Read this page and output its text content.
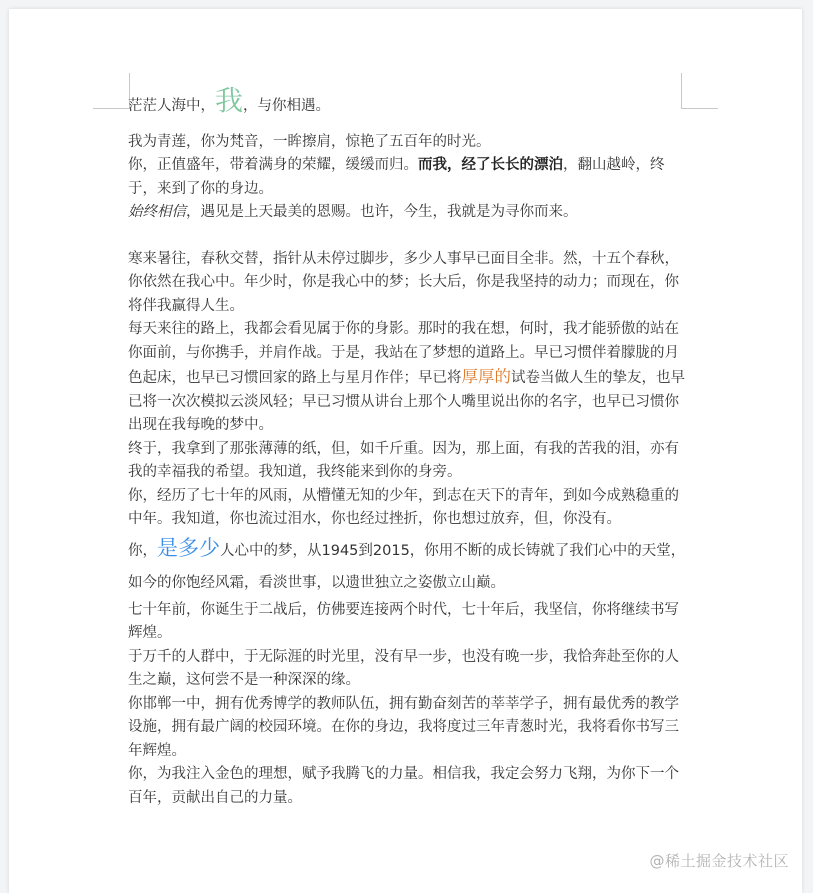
茫茫人海中，我，与你相遇。

我为青莲，你为梵音，一眸擦肩，惊艳了五百年的时光。

你，正值盛年，带着满身的荣耀，缓缓而归。而我，经了长长的漂泊，翻山越岭，终于，来到了你的身边。

始终相信，遇见是上天最美的恩赐。也许，今生，我就是为寻你而来。

寒来暑往，春秋交替，指针从未停过脚步，多少人事早已面目全非。然，十五个春秋，你依然在我心中。年少时，你是我心中的梦；长大后，你是我坚持的动力；而现在，你将伴我赢得人生。

每天来往的路上，我都会看见属于你的身影。那时的我在想，何时，我才能骄傲的站在你面前，与你携手，并肩作战。于是，我站在了梦想的道路上。早已习惯伴着朦胧的月色起床，也早已习惯回家的路上与星月作伴；早已将厚厚的试卷当做人生的挚友，也早已将一次次模拟云淡风轻；早已习惯从讲台上那个人嘴里说出你的名字，也早已习惯你出现在我每晚的梦中。

终于，我拿到了那张薄薄的纸，但，如千斤重。因为，那上面，有我的苦我的泪，亦有我的幸福我的希望。我知道，我终能来到你的身旁。

你，经历了七十年的风雨，从懵懂无知的少年，到志在天下的青年，到如今成熟稳重的中年。我知道，你也流过泪水，你也经过挫折，你也想过放弃，但，你没有。

你，是多少人心中的梦，从1945到2015，你用不断的成长铸就了我们心中的天堂，如今的你饱经风霜，看淡世事，以遗世独立之姿傲立山巅。

七十年前，你诞生于二战后，仿佛要连接两个时代，七十年后，我坚信，你将继续书写辉煌。

于万千的人群中，于无际涯的时光里，没有早一步，也没有晚一步，我恰奔赴至你的人生之巅，这何尝不是一种深深的缘。

你邯郸一中，拥有优秀博学的教师队伍，拥有勤奋刻苦的莘莘学子，拥有最优秀的教学设施，拥有最广阔的校园环境。在你的身边，我将度过三年青葱时光，我将看你书写三年辉煌。

你，为我注入金色的理想，赋予我腾飞的力量。相信我，我定会努力飞翔，为你下一个百年，贡献出自己的力量。

@稀土掘金技术社区
